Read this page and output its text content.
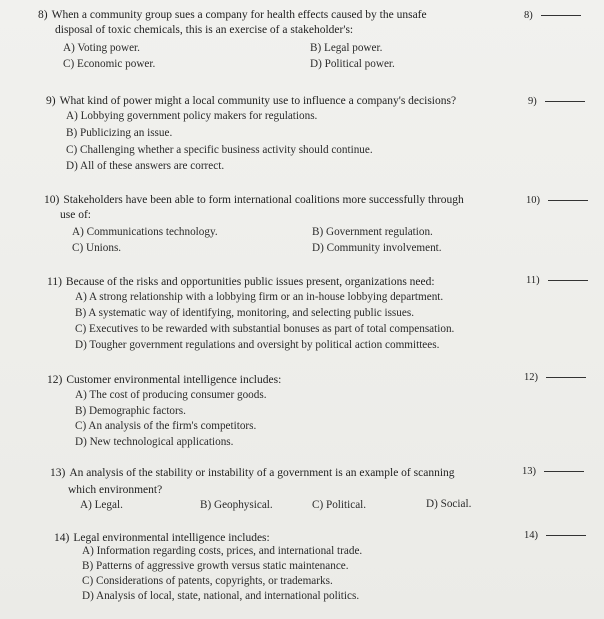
8) When a community group sues a company for health effects caused by the unsafe
disposal of toxic chemicals, this is an exercise of a stakeholder's:
A) Voting power.	B) Legal power.
C) Economic power.	D) Political power.
8)
9) What kind of power might a local community use to influence a company's decisions?
A) Lobbying government policy makers for regulations.
B) Publicizing an issue.
C) Challenging whether a specific business activity should continue.
D) All of these answers are correct.
9)
10) Stakeholders have been able to form international coalitions more successfully through
use of:
A) Communications technology.	B) Government regulation.
C) Unions.	D) Community involvement.
10)
11) Because of the risks and opportunities public issues present, organizations need:
A) A strong relationship with a lobbying firm or an in-house lobbying department.
B) A systematic way of identifying, monitoring, and selecting public issues.
C) Executives to be rewarded with substantial bonuses as part of total compensation.
D) Tougher government regulations and oversight by political action committees.
11)
12) Customer environmental intelligence includes:
A) The cost of producing consumer goods.
B) Demographic factors.
C) An analysis of the firm's competitors.
D) New technological applications.
12)
13) An analysis of the stability or instability of a government is an example of scanning
which environment?
A) Legal.	B) Geophysical.	C) Political.	D) Social.
13)
14) Legal environmental intelligence includes:
A) Information regarding costs, prices, and international trade.
B) Patterns of aggressive growth versus static maintenance.
C) Considerations of patents, copyrights, or trademarks.
D) Analysis of local, state, national, and international politics.
14)
